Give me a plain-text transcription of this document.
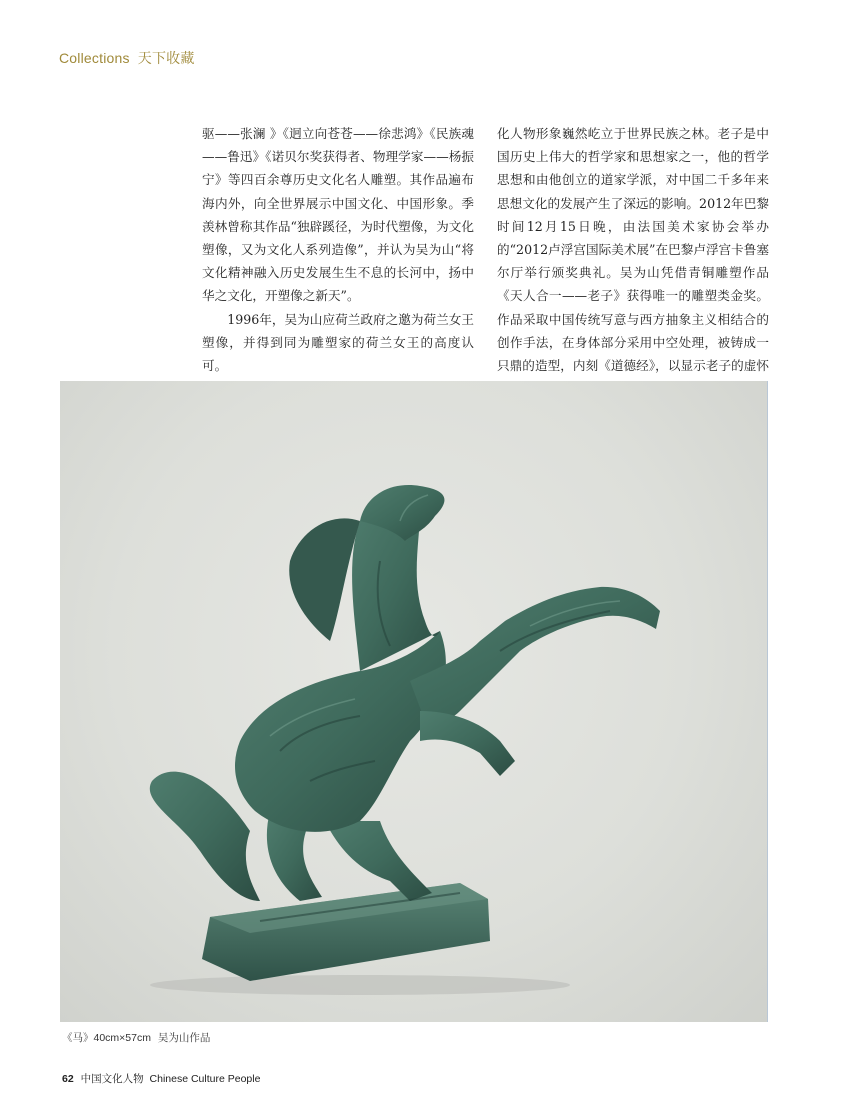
Collections 天下收藏

驱——张澜 》《迥立向苍苍——徐悲鸿》《民族魂——鲁迅》《诺贝尔奖获得者、物理学家——杨振宁》等四百余尊历史文化名人雕塑。其作品遍布海内外，向全世界展示中国文化、中国形象。季羡林曾称其作品“独辟蹊径，为时代塑像，为文化塑像，又为文化人系列造像”，并认为吴为山“将文化精神融入历史发展生生不息的长河中，扬中华之文化，开塑像之新天”。

1996年，吴为山应荷兰政府之邀为荷兰女王塑像，并得到同为雕塑家的荷兰女王的高度认可。

化人物形象巍然屹立于世界民族之林。老子是中国历史上伟大的哲学家和思想家之一，他的哲学思想和由他创立的道家学派，对中国二千多年来思想文化的发展产生了深远的影响。2012年巴黎时间12月15日晚，由法国美术家协会举办的“2012卢浮宫国际美术展”在巴黎卢浮宫卡鲁塞尔厅举行颁奖典礼。吴为山凭借青铜雕塑作品《天人合一——老子》获得唯一的雕塑类金奖。作品采取中国传统写意与西方抽象主义相结合的创作手法，在身体部分采用中空处理，被铸成一只鼎的造型，内刻《道德经》，以显示老子的虚怀

《马》40cm×57cm 吴为山作品
62 中国文化人物 Chinese Culture People
